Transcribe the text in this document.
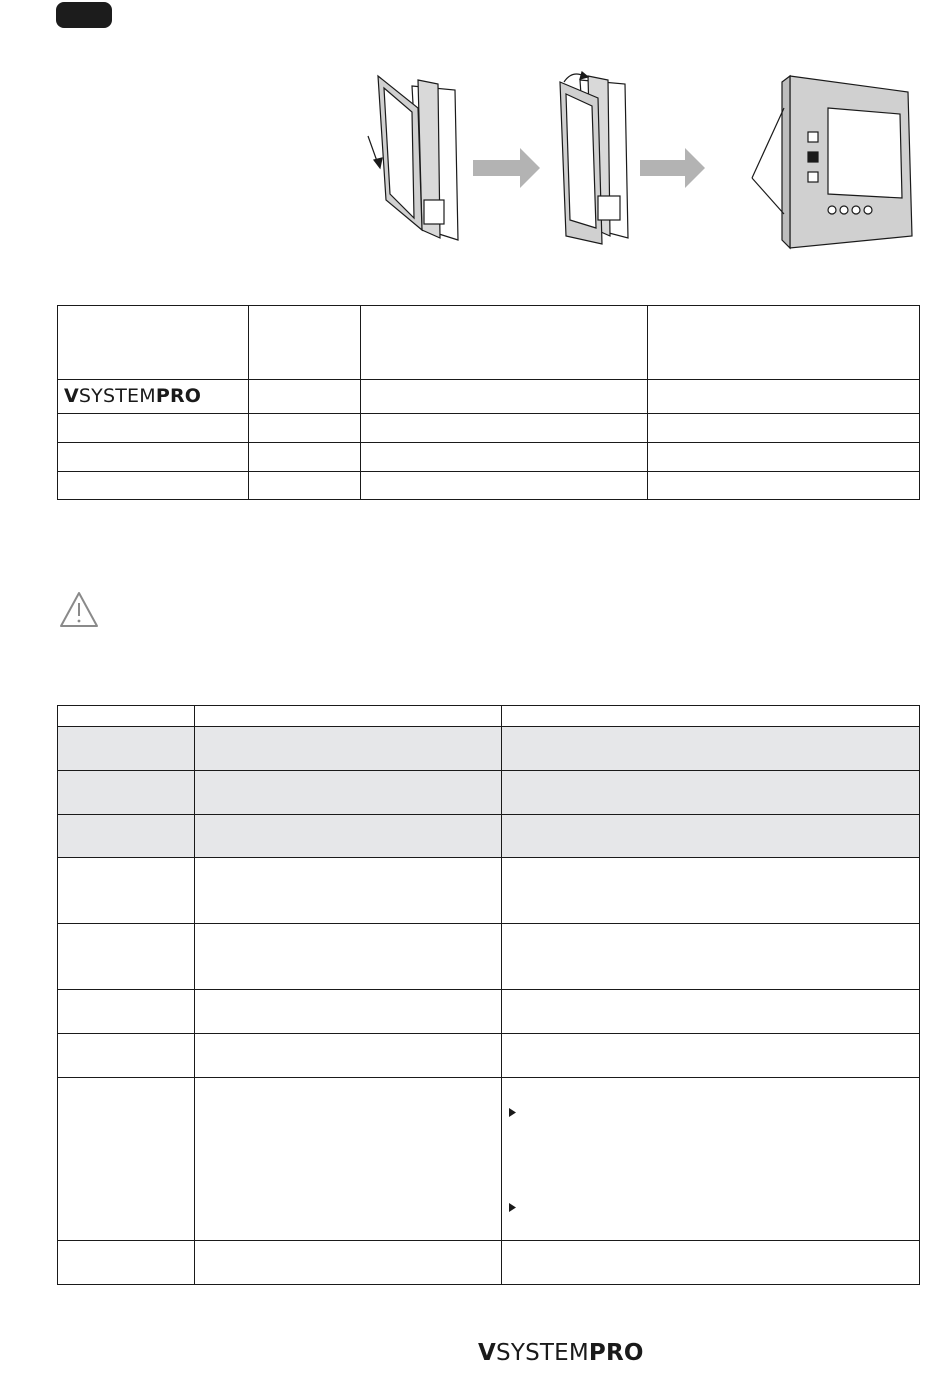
VSYSTEMPRO			

VSYSTEMPRO
